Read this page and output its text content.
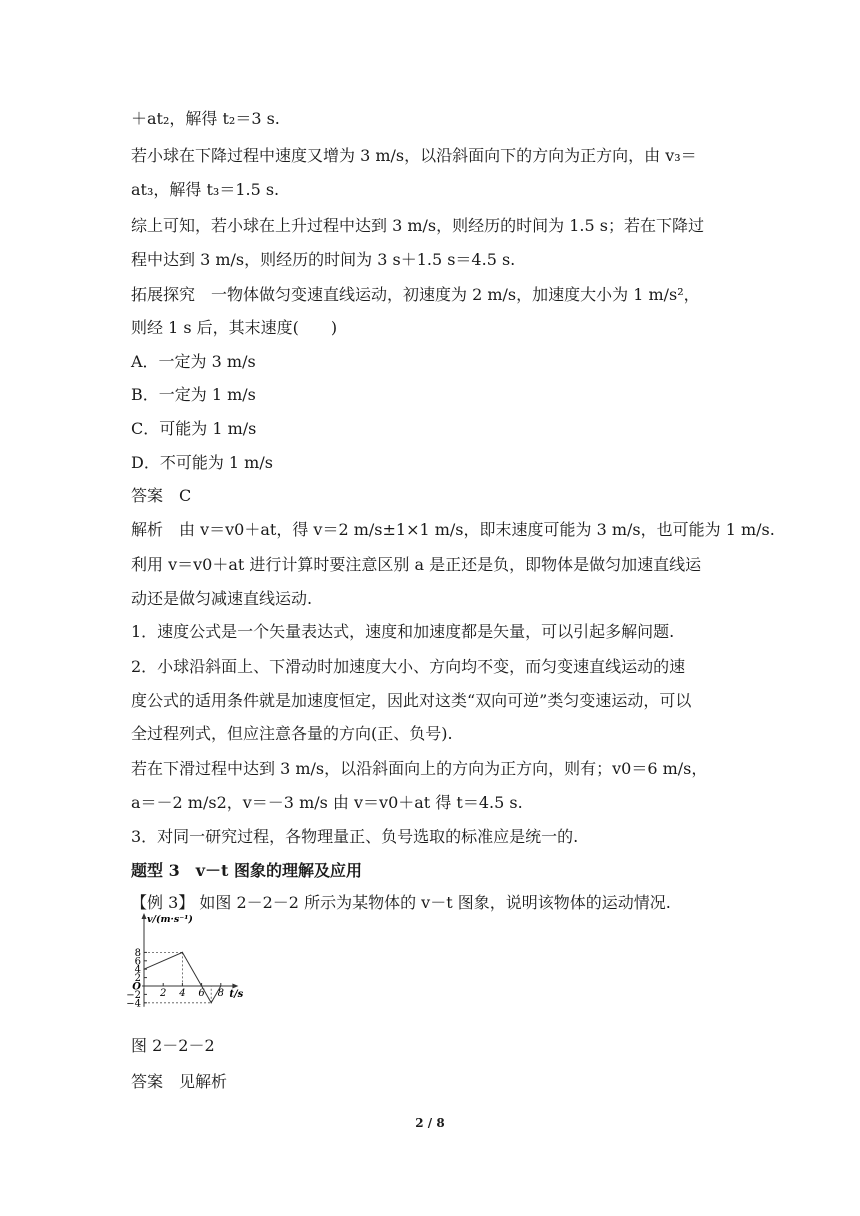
＋at₂，解得 t₂＝3 s.
若小球在下降过程中速度又增为 3 m/s，以沿斜面向下的方向为正方向，由 v₃＝
at₃，解得 t₃＝1.5 s.
综上可知，若小球在上升过程中达到 3 m/s，则经历的时间为 1.5 s；若在下降过
程中达到 3 m/s，则经历的时间为 3 s＋1.5 s＝4.5 s.
拓展探究　一物体做匀变速直线运动，初速度为 2 m/s，加速度大小为 1 m/s²，
则经 1 s 后，其末速度(　　)
A．一定为 3 m/s
B．一定为 1 m/s
C．可能为 1 m/s
D．不可能为 1 m/s
答案　C
解析　由 v＝v0＋at，得 v＝2 m/s±1×1 m/s，即末速度可能为 3 m/s，也可能为 1 m/s.
利用 v＝v0＋at 进行计算时要注意区别 a 是正还是负，即物体是做匀加速直线运
动还是做匀减速直线运动.
1．速度公式是一个矢量表达式，速度和加速度都是矢量，可以引起多解问题.
2．小球沿斜面上、下滑动时加速度大小、方向均不变，而匀变速直线运动的速
度公式的适用条件就是加速度恒定，因此对这类“双向可逆”类匀变速运动，可以
全过程列式，但应注意各量的方向(正、负号).
若在下滑过程中达到 3 m/s，以沿斜面向上的方向为正方向，则有；v0＝6 m/s，
a＝－2 m/s2，v＝－3 m/s 由 v＝v0＋at 得 t＝4.5 s.
3．对同一研究过程，各物理量正、负号选取的标准应是统一的.
题型 3　v－t 图象的理解及应用
【例 3】 如图 2－2－2 所示为某物体的 v－t 图象，说明该物体的运动情况.
图 2－2－2
答案　见解析
2 4 6 8
8
6
4
2
−2
−4
O
v/(m·s⁻¹)
t/s
2 / 8
